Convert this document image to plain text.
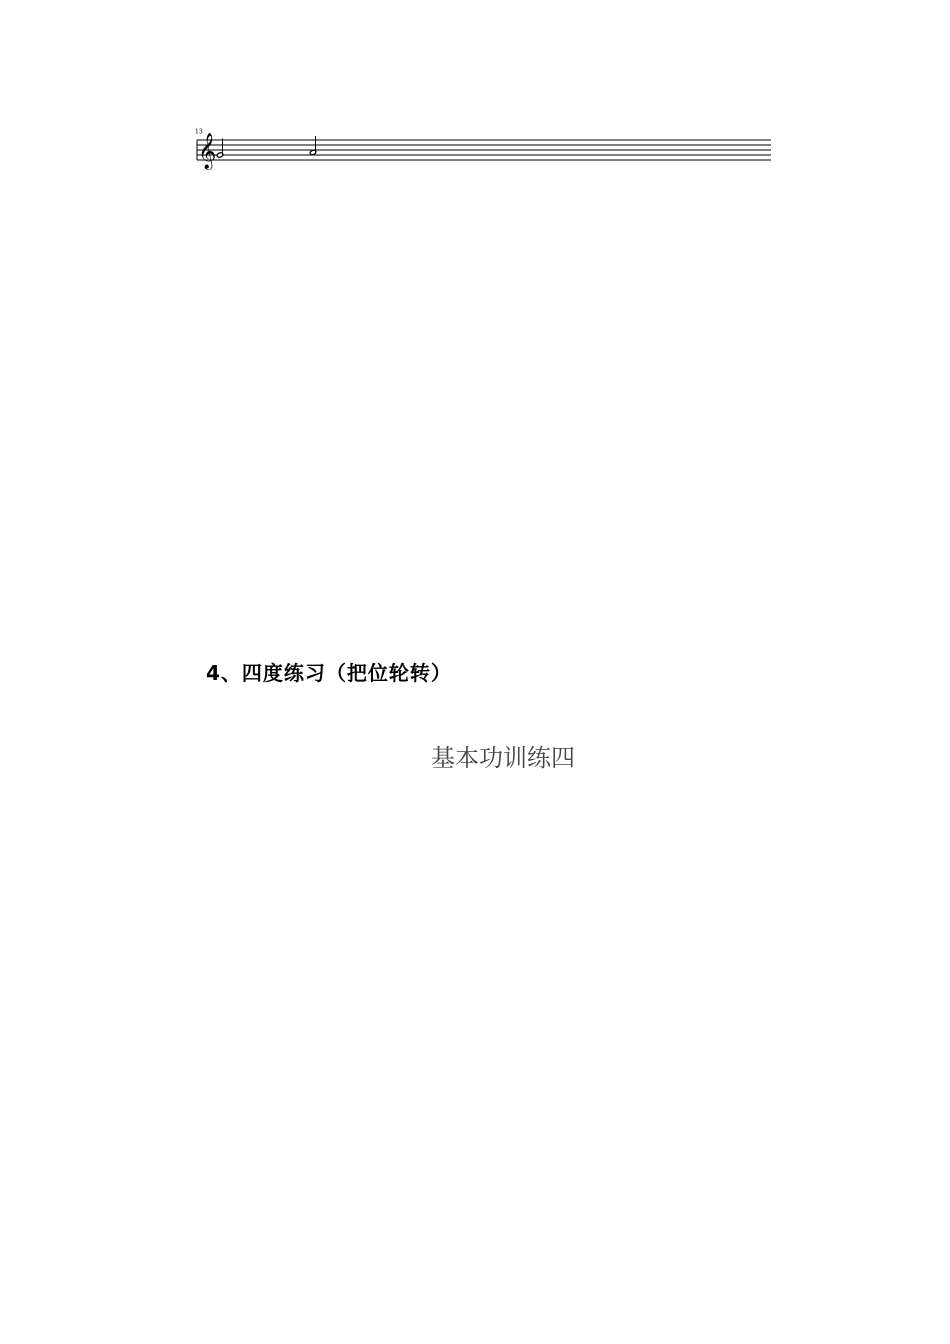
13
𝄞
4、四度练习（把位轮转）
基本功训练四
